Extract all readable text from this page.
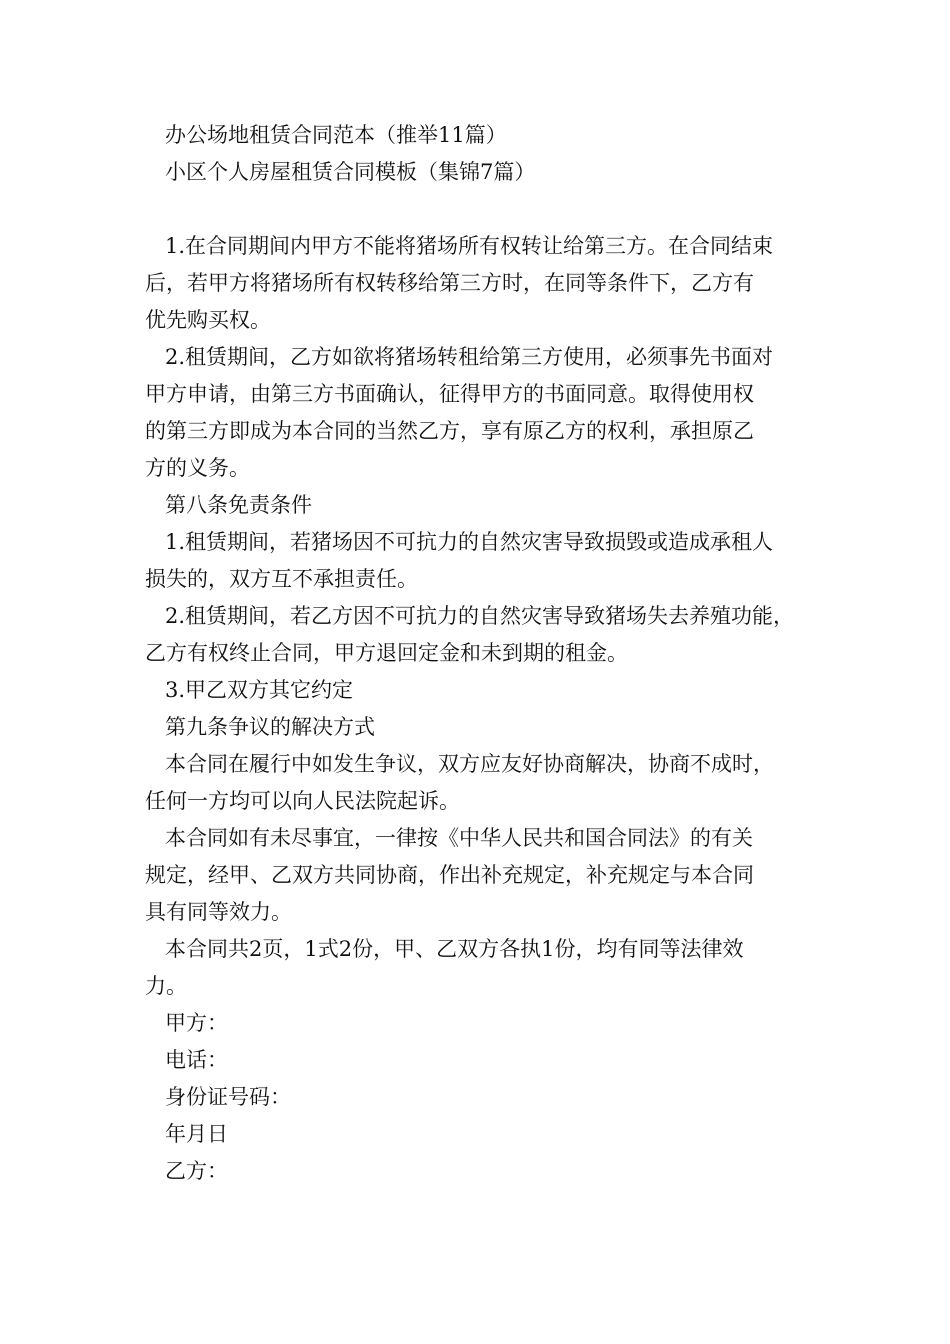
办公场地租赁合同范本（推举11篇）

小区个人房屋租赁合同模板（集锦7篇）

1.在合同期间内甲方不能将猪场所有权转让给第三方。在合同结束

后，若甲方将猪场所有权转移给第三方时，在同等条件下，乙方有

优先购买权。

2.租赁期间，乙方如欲将猪场转租给第三方使用，必须事先书面对

甲方申请，由第三方书面确认，征得甲方的书面同意。取得使用权

的第三方即成为本合同的当然乙方，享有原乙方的权利，承担原乙

方的义务。

第八条免责条件

1.租赁期间，若猪场因不可抗力的自然灾害导致损毁或造成承租人

损失的，双方互不承担责任。

2.租赁期间，若乙方因不可抗力的自然灾害导致猪场失去养殖功能，

乙方有权终止合同，甲方退回定金和未到期的租金。

3.甲乙双方其它约定

第九条争议的解决方式

本合同在履行中如发生争议，双方应友好协商解决，协商不成时，

任何一方均可以向人民法院起诉。

本合同如有未尽事宜，一律按《中华人民共和国合同法》的有关

规定，经甲、乙双方共同协商，作出补充规定，补充规定与本合同

具有同等效力。

本合同共2页，1式2份，甲、乙双方各执1份，均有同等法律效

力。

甲方：

电话：

身份证号码：

年月日

乙方：
